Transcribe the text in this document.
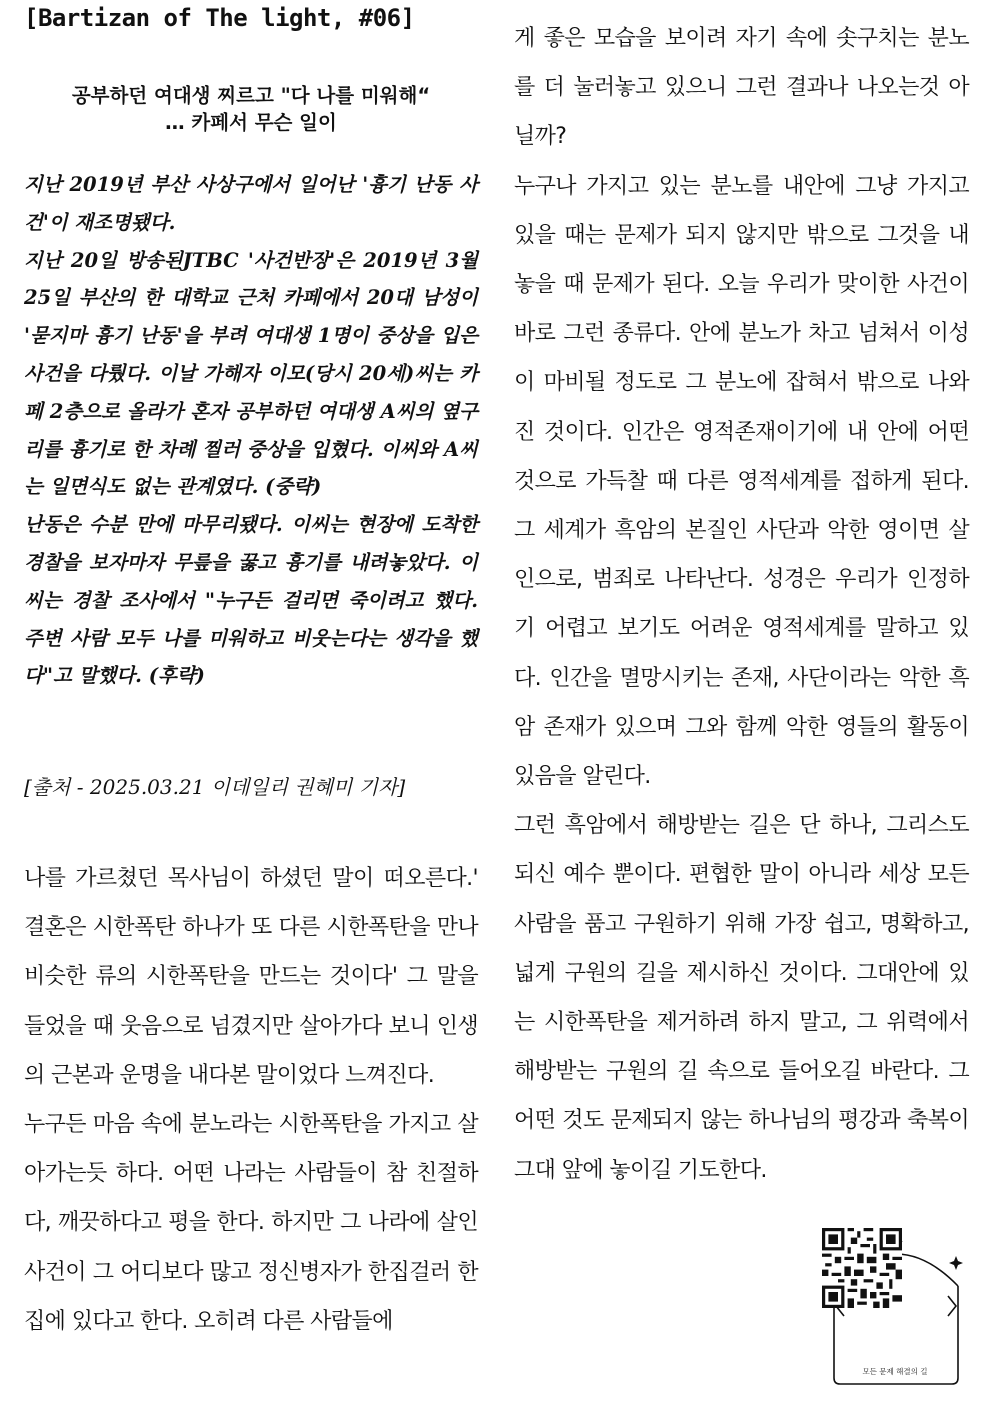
[Bartizan of The light, #06]
공부하던 여대생 찌르고 "다 나를 미워해“
… 카페서 무슨 일이

지난 2019년 부산 사상구에서 일어난 '흉기 난동 사건'이 재조명됐다.

지난 20일 방송된JTBC '사건반장'은 2019년 3월 25일 부산의 한 대학교 근처 카페에서 20대 남성이 '묻지마 흉기 난동'을 부려 여대생 1명이 중상을 입은 사건을 다뤘다. 이날 가해자 이모(당시 20세)씨는 카페 2층으로 올라가 혼자 공부하던 여대생 A씨의 옆구리를 흉기로 한 차례 찔러 중상을 입혔다. 이씨와 A씨는 일면식도 없는 관계였다. (중략)

난동은 수분 만에 마무리됐다. 이씨는 현장에 도착한 경찰을 보자마자 무릎을 꿇고 흉기를 내려놓았다. 이씨는 경찰 조사에서 "누구든 걸리면 죽이려고 했다. 주변 사람 모두 나를 미워하고 비웃는다는 생각을 했다"고 말했다. (후략)

[출처 - 2025.03.21 이데일리 권혜미 기자]

나를 가르쳤던 목사님이 하셨던 말이 떠오른다.' 결혼은 시한폭탄 하나가 또 다른 시한폭탄을 만나 비슷한 류의 시한폭탄을 만드는 것이다' 그 말을 들었을 때 웃음으로 넘겼지만 살아가다 보니 인생의 근본과 운명을 내다본 말이었다 느껴진다.

누구든 마음 속에 분노라는 시한폭탄을 가지고 살아가는듯 하다. 어떤 나라는 사람들이 참 친절하다, 깨끗하다고 평을 한다. 하지만 그 나라에 살인사건이 그 어디보다 많고 정신병자가 한집걸러 한 집에 있다고 한다. 오히려 다른 사람들에

게 좋은 모습을 보이려 자기 속에 솟구치는 분노를 더 눌러놓고 있으니 그런 결과나 나오는것 아닐까?

누구나 가지고 있는 분노를 내안에 그냥 가지고 있을 때는 문제가 되지 않지만 밖으로 그것을 내놓을 때 문제가 된다. 오늘 우리가 맞이한 사건이 바로 그런 종류다. 안에 분노가 차고 넘쳐서 이성이 마비될 정도로 그 분노에 잡혀서 밖으로 나와진 것이다. 인간은 영적존재이기에 내 안에 어떤 것으로 가득찰 때 다른 영적세계를 접하게 된다. 그 세계가 흑암의 본질인 사단과 악한 영이면 살인으로, 범죄로 나타난다. 성경은 우리가 인정하기 어렵고 보기도 어려운 영적세계를 말하고 있다. 인간을 멸망시키는 존재, 사단이라는 악한 흑암 존재가 있으며 그와 함께 악한 영들의 활동이 있음을 알린다.

그런 흑암에서 해방받는 길은 단 하나, 그리스도 되신 예수 뿐이다. 편협한 말이 아니라 세상 모든 사람을 품고 구원하기 위해 가장 쉽고, 명확하고, 넓게 구원의 길을 제시하신 것이다. 그대안에 있는 시한폭탄을 제거하려 하지 말고, 그 위력에서 해방받는 구원의 길 속으로 들어오길 바란다. 그 어떤 것도 문제되지 않는 하나님의 평강과 축복이 그대 앞에 놓이길 기도한다.

모든 문제 해결의 길
